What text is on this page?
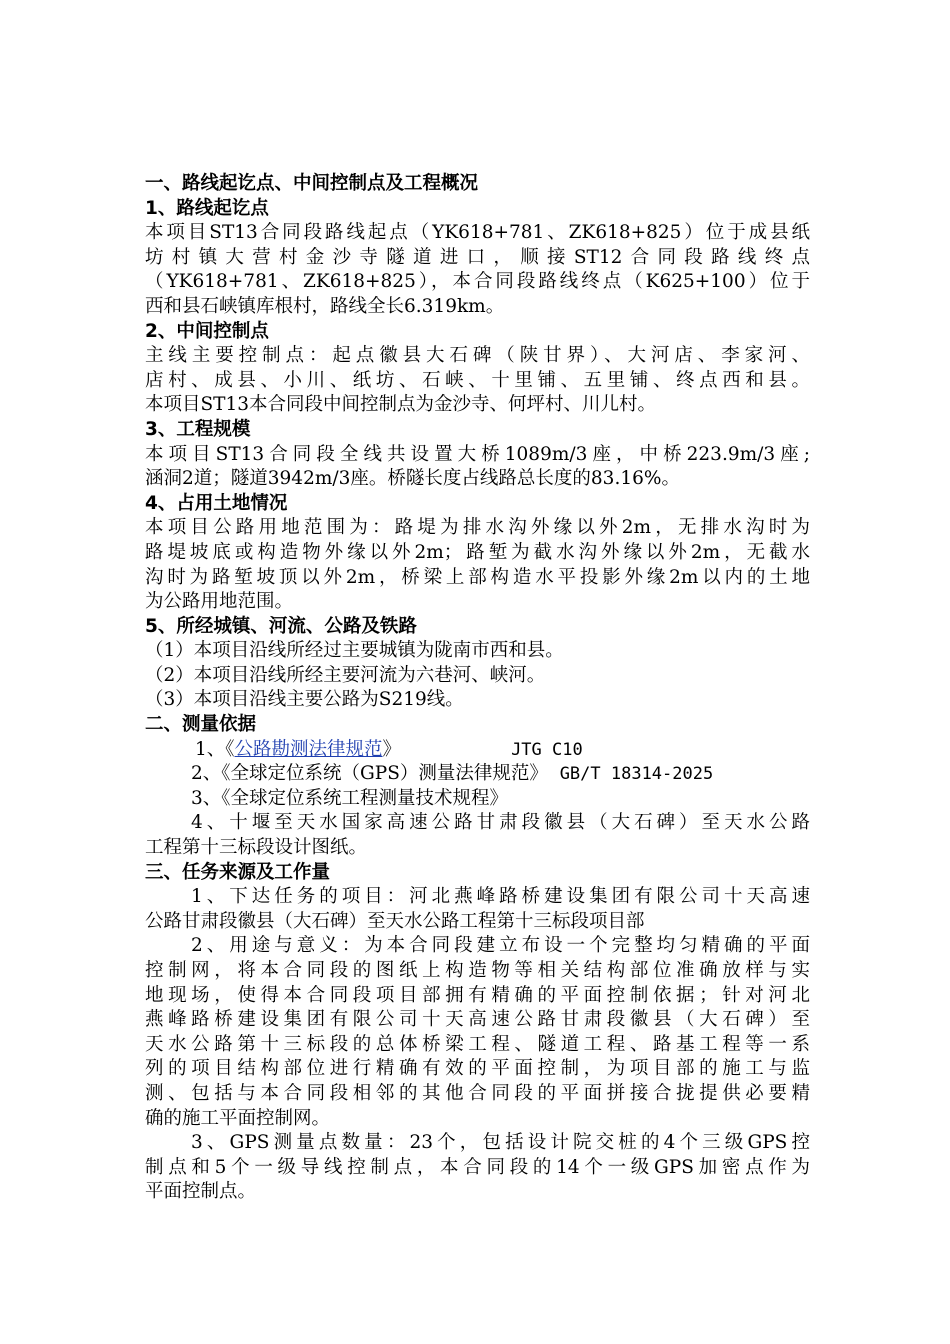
一、路线起讫点、中间控制点及工程概况
1、路线起讫点
本项目ST13合同段路线起点（YK618+781、ZK618+825）位于成县纸
坊村镇大营村金沙寺隧道进口，顺接ST12合同段路线终点
（YK618+781、ZK618+825），本合同段路线终点（K625+100）位于
西和县石峡镇库根村，路线全长6.319km。
2、中间控制点
主线主要控制点：起点徽县大石碑（陕甘界）、大河店、李家河、
店村、成县、小川、纸坊、石峡、十里铺、五里铺、终点西和县。
本项目ST13本合同段中间控制点为金沙寺、何坪村、川儿村。
3、工程规模
本项目ST13合同段全线共设置大桥1089m/3座，中桥223.9m/3座;
涵洞2道；隧道3942m/3座。桥隧长度占线路总长度的83.16%。
4、占用土地情况
本项目公路用地范围为：路堤为排水沟外缘以外2m，无排水沟时为
路堤坡底或构造物外缘以外2m；路堑为截水沟外缘以外2m，无截水
沟时为路堑坡顶以外2m，桥梁上部构造水平投影外缘2m以内的土地
为公路用地范围。
5、所经城镇、河流、公路及铁路
（1）本项目沿线所经过主要城镇为陇南市西和县。
（2）本项目沿线所经主要河流为六巷河、峡河。
（3）本项目沿线主要公路为S219线。
二、测量依据
1、《公路勘测法律规范》	JTG C10
2、《全球定位系统（GPS）测量法律规范》 GB/T 18314-2025
3、《全球定位系统工程测量技术规程》
4、十堰至天水国家高速公路甘肃段徽县（大石碑）至天水公路
工程第十三标段设计图纸。
三、任务来源及工作量
1、下达任务的项目：河北燕峰路桥建设集团有限公司十天高速
公路甘肃段徽县（大石碑）至天水公路工程第十三标段项目部
2、用途与意义：为本合同段建立布设一个完整均匀精确的平面
控制网，将本合同段的图纸上构造物等相关结构部位准确放样与实
地现场，使得本合同段项目部拥有精确的平面控制依据；针对河北
燕峰路桥建设集团有限公司十天高速公路甘肃段徽县（大石碑）至
天水公路第十三标段的总体桥梁工程、隧道工程、路基工程等一系
列的项目结构部位进行精确有效的平面控制，为项目部的施工与监
测、包括与本合同段相邻的其他合同段的平面拼接合拢提供必要精
确的施工平面控制网。
3、GPS测量点数量：23个，包括设计院交桩的4个三级GPS控
制点和5个一级导线控制点，本合同段的14个一级GPS加密点作为
平面控制点。
